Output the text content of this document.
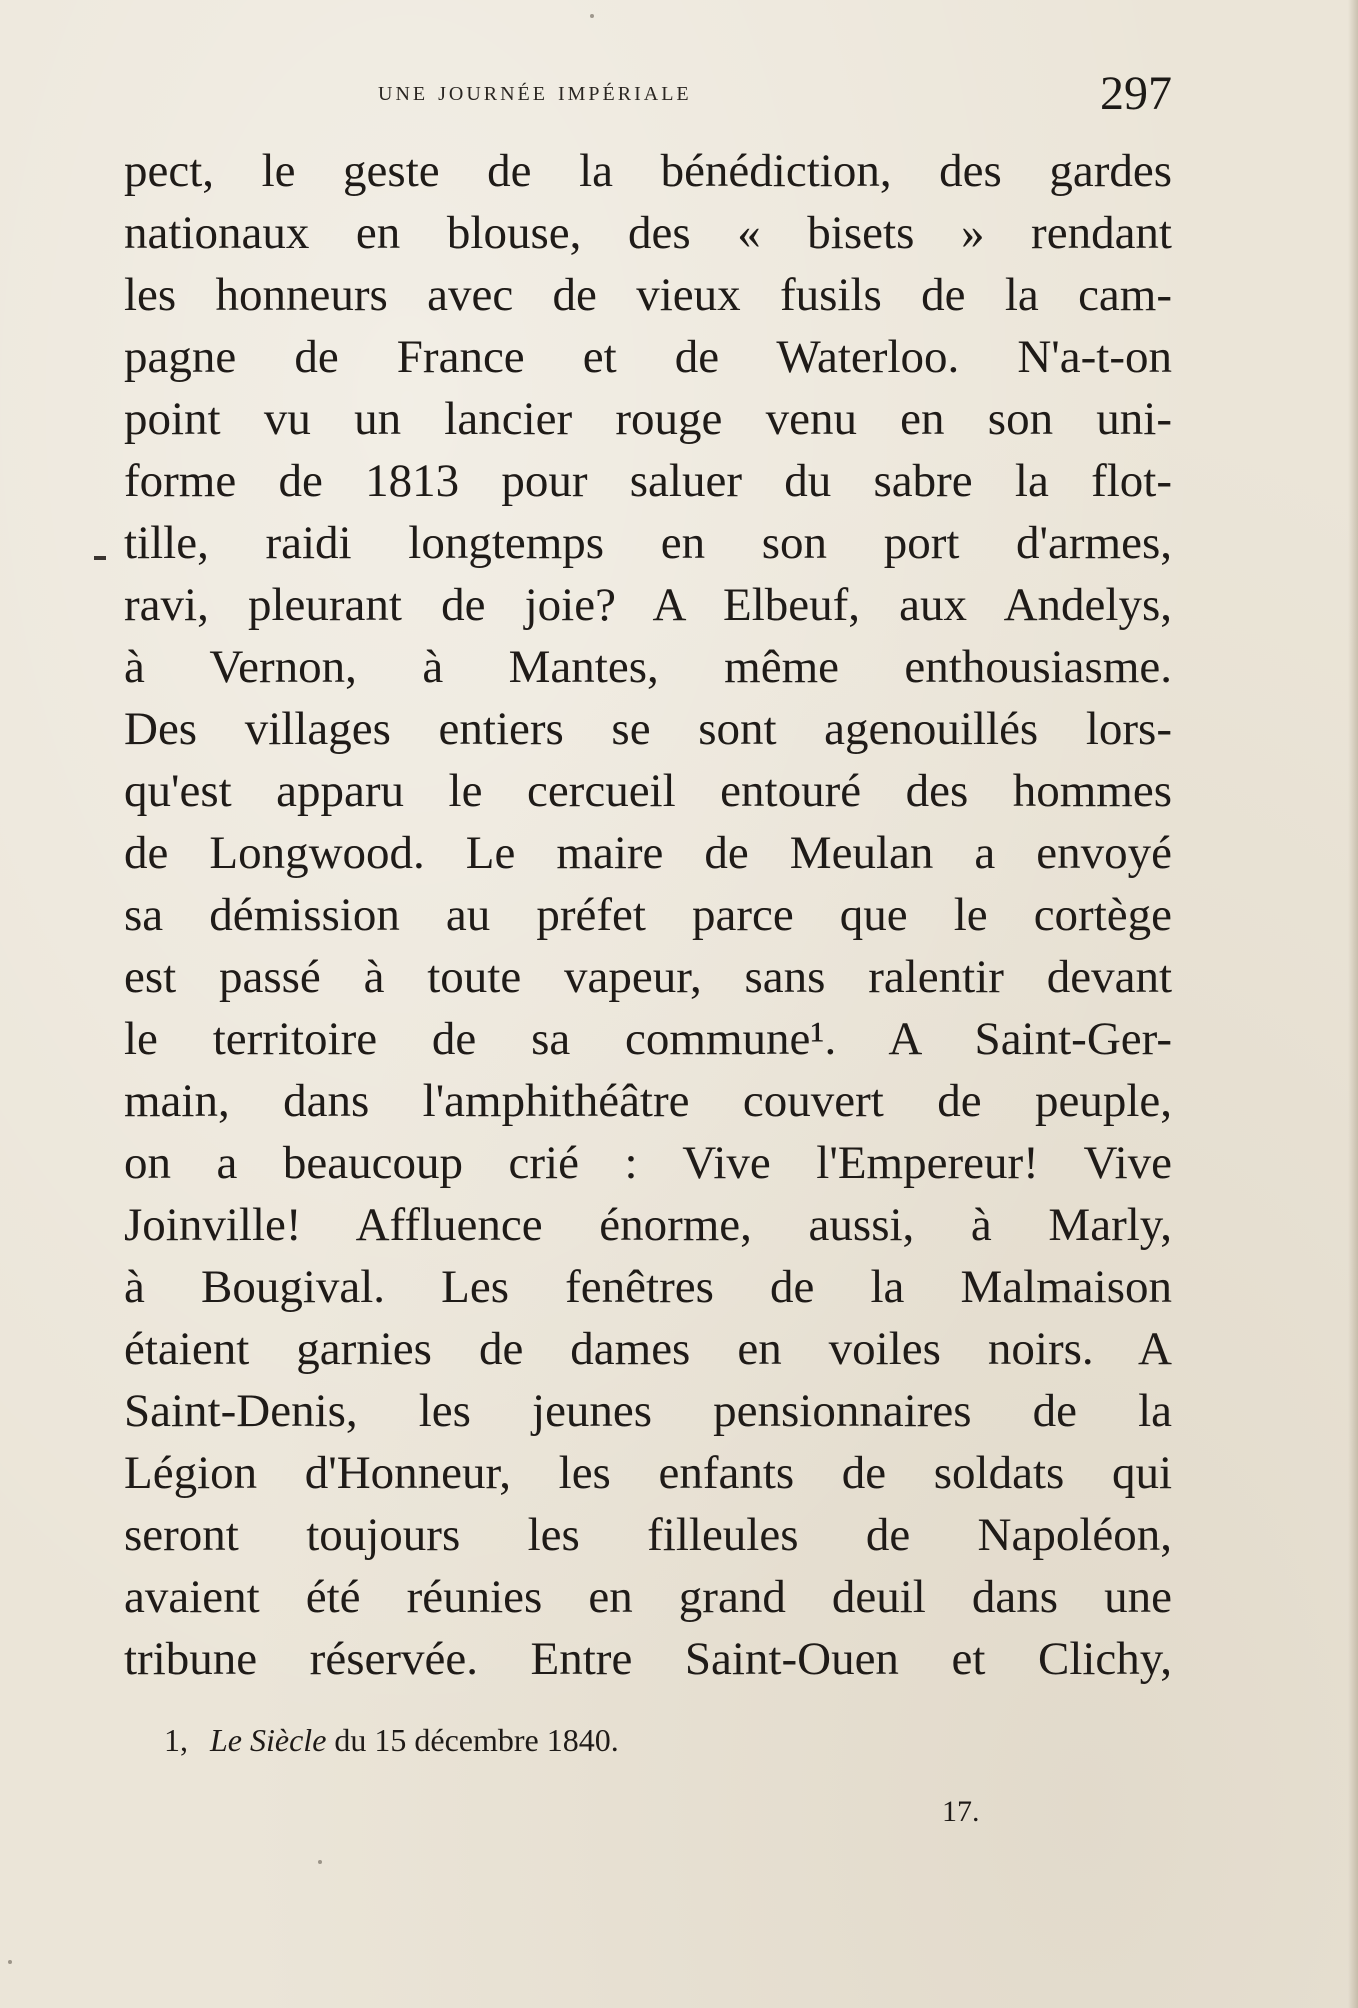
une journée impériale	297
pect, le geste de la bénédiction, des gardes
nationaux en blouse, des « bisets » rendant
les honneurs avec de vieux fusils de la cam-
pagne de France et de Waterloo. N'a-t-on
point vu un lancier rouge venu en son uni-
forme de 1813 pour saluer du sabre la flot-
tille, raidi longtemps en son port d'armes,
ravi, pleurant de joie? A Elbeuf, aux Andelys,
à Vernon, à Mantes, même enthousiasme.
Des villages entiers se sont agenouillés lors-
qu'est apparu le cercueil entouré des hommes
de Longwood. Le maire de Meulan a envoyé
sa démission au préfet parce que le cortège
est passé à toute vapeur, sans ralentir devant
le territoire de sa commune¹. A Saint-Ger-
main, dans l'amphithéâtre couvert de peuple,
on a beaucoup crié : Vive l'Empereur! Vive
Joinville! Affluence énorme, aussi, à Marly,
à Bougival. Les fenêtres de la Malmaison
étaient garnies de dames en voiles noirs. A
Saint-Denis, les jeunes pensionnaires de la
Légion d'Honneur, les enfants de soldats qui
seront toujours les filleules de Napoléon,
avaient été réunies en grand deuil dans une
tribune réservée. Entre Saint-Ouen et Clichy,
1, Le Siècle du 15 décembre 1840.
17.
